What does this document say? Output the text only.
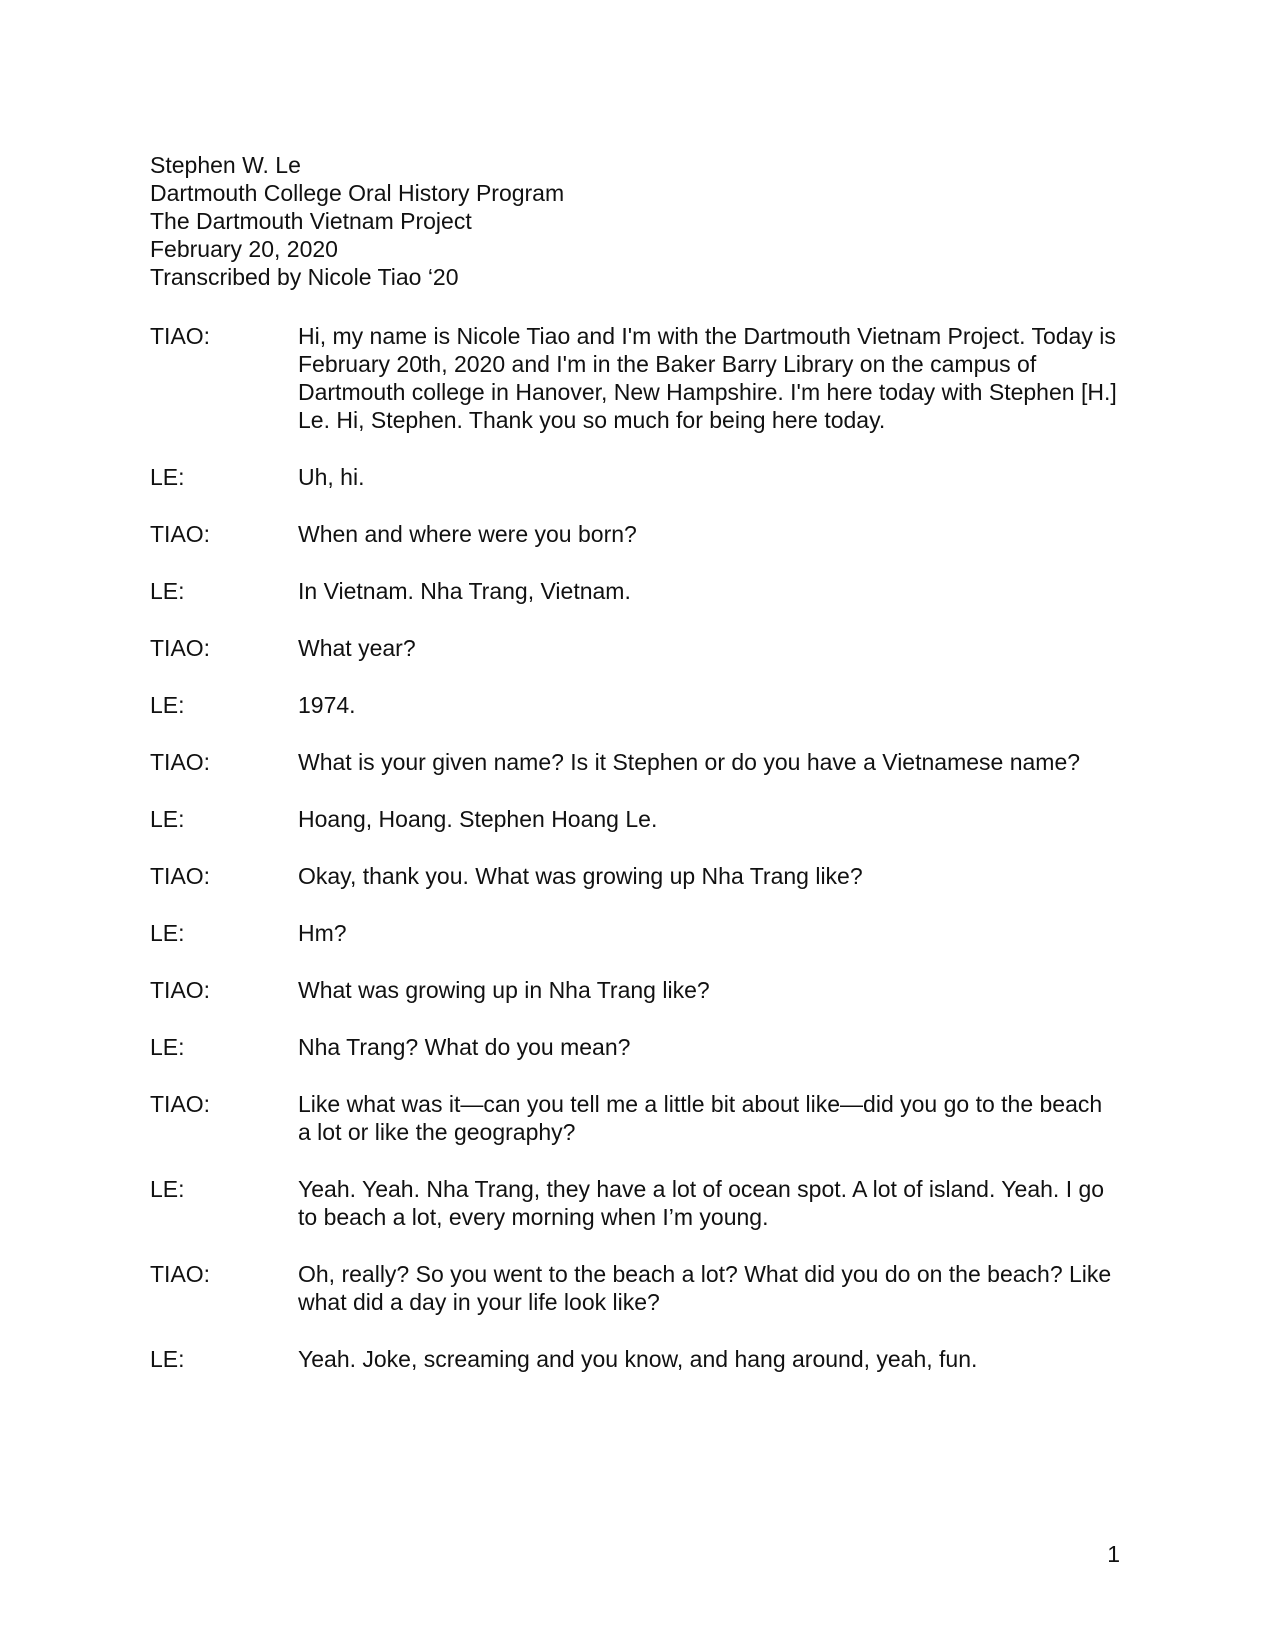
Stephen W. Le
Dartmouth College Oral History Program
The Dartmouth Vietnam Project
February 20, 2020
Transcribed by Nicole Tiao ‘20
TIAO:	Hi, my name is Nicole Tiao and I'm with the Dartmouth Vietnam Project. Today is February 20th, 2020 and I'm in the Baker Barry Library on the campus of Dartmouth college in Hanover, New Hampshire. I'm here today with Stephen [H.] Le. Hi, Stephen. Thank you so much for being here today.
LE:	Uh, hi.
TIAO:	When and where were you born?
LE:	In Vietnam. Nha Trang, Vietnam.
TIAO:	What year?
LE:	1974.
TIAO:	What is your given name? Is it Stephen or do you have a Vietnamese name?
LE:	Hoang, Hoang. Stephen Hoang Le.
TIAO:	Okay, thank you. What was growing up Nha Trang like?
LE:	Hm?
TIAO:	What was growing up in Nha Trang like?
LE:	Nha Trang? What do you mean?
TIAO:	Like what was it—can you tell me a little bit about like—did you go to the beach a lot or like the geography?
LE:	Yeah. Yeah. Nha Trang, they have a lot of ocean spot. A lot of island. Yeah. I go to beach a lot, every morning when I’m young.
TIAO:	Oh, really? So you went to the beach a lot? What did you do on the beach? Like what did a day in your life look like?
LE:	Yeah. Joke, screaming and you know, and hang around, yeah, fun.
1
